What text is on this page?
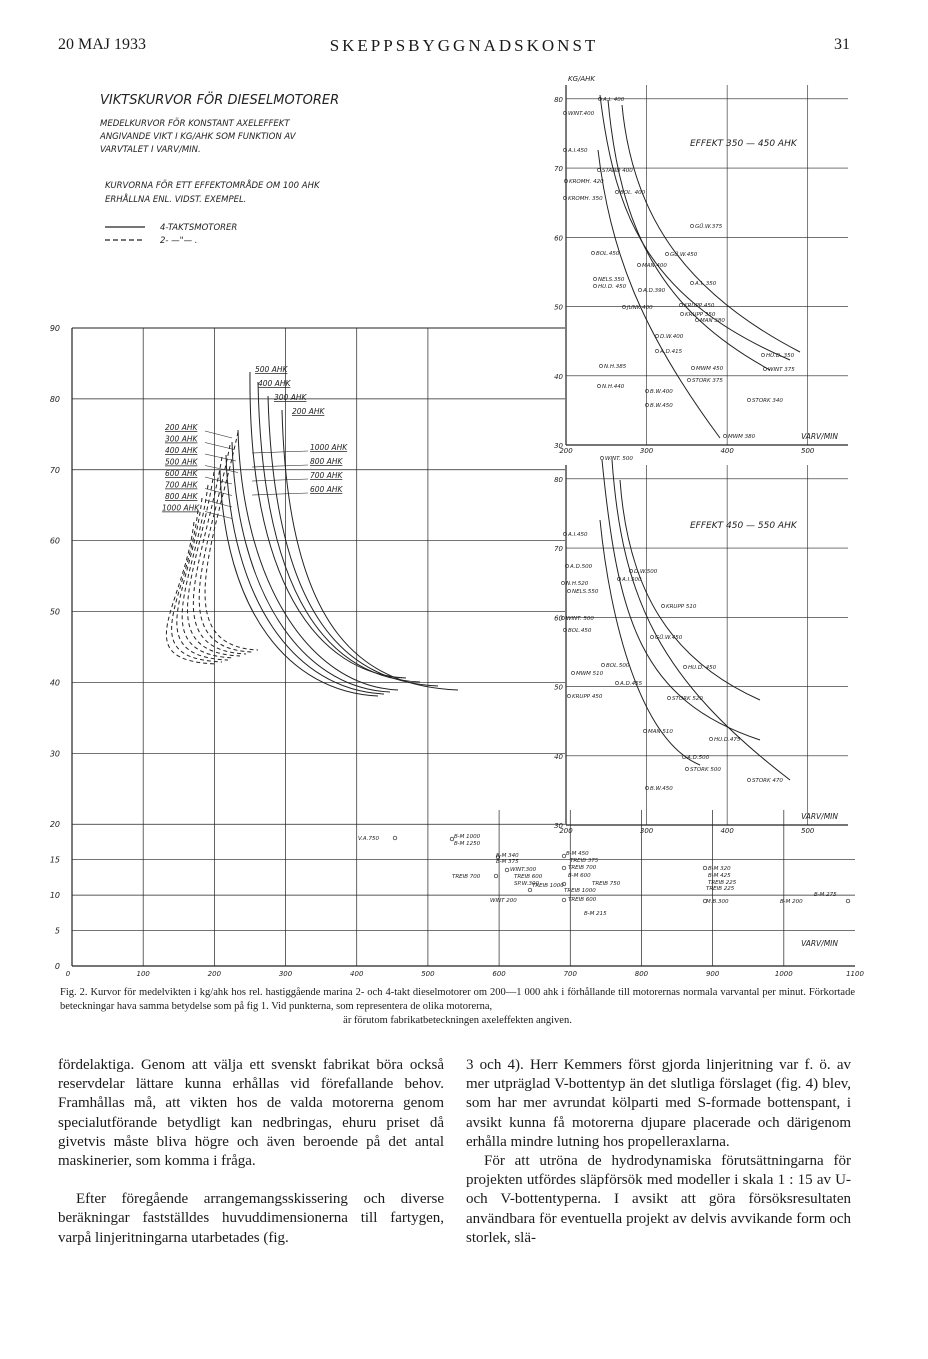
20 MAJ 1933	SKEPPSBYGGNADSKONST	31
VIKTSKURVOR FÖR DIESELMOTORER
MEDELKURVOR FÖR KONSTANT AXELEFFEKT
ANGIVANDE VIKT I KG/AHK SOM FUNKTION AV
VARVTALET I VARV/MIN.
KURVORNA FÖR ETT EFFEKTOMRÅDE OM 100 AHK
ERHÅLLNA ENL. VIDST. EXEMPEL.
4-TAKTSMOTORER
2- —"— .
90
80
70
60
50
40
30
20
15
10
5
0
0	100	200	300	400	500	600	700	800	900	1000	1100
VARV/MIN
200 AHK
300 AHK
400 AHK
500 AHK
600 AHK
700 AHK
800 AHK
1000 AHK
500 AHK
400 AHK
300 AHK
200 AHK
1000 AHK
800 AHK
700 AHK
600 AHK
V.A.750	B-M 1000
B-M 1250
B-M 340
B-M 375
WINT.300
TREIB 700	TREIB 600
SP.W.300
TREIB 1000
WINT 200
B-M 450
TREIB 375
TREIB 700
B-M 600
TREIB 750
TREIB 1000
TREIB 600
B-M 215
B-M 320
B-M 425
TREIB 225
TREIB 225
M.B.300	B-M 200
B-M 275
80
70
60
50
40
30
200	300	400	500
VARV/MIN
KG/AHK
EFFEKT 350 — 450 AHK
A.I. 400
WINT.400
A.I.450
STAND 400
KROMH. 420
BOL. 400
KROMH. 350
GÜ.W.375
BOL.450	GÜ.W.450
MAN 400
A.I. 350
NELS.350
HU.D. 450
A.D.390
JUNK.400	KRUPP 450
KRUPP 350
MAN 380
D.W.400
HU.D. 350
A.D.415
N.H.385	MWM 450	WINT 375
N.H.440
STORK 375
B.W.400
STORK 340
B.W.450
MWM 380
80
70
60
50
40
30
200	300	400	500
VARV/MIN
EFFEKT 450 — 550 AHK
WINT. 500
A.I.450
A.D.500
D.W.500
N.H.520
A.I.500
NELS.550
KRUPP 510
WINT. 500
BOL.450
GÜ.W.450
BOL.500	HU.D. 450
MWM 510
A.D.455
KRUPP 450	STORK 520
MAN 510
HU.D.475
A.D.500
STORK 500
STORK 470
B.W.450
Fig. 2. Kurvor för medelvikten i kg/ahk hos rel. hastiggående marina 2- och 4-takt dieselmotorer om 200—1 000 ahk i förhållande till motorernas normala varvantal per minut. Förkortade beteckningar hava samma betydelse som på fig 1. Vid punkterna, som representera de olika motorerna,
är förutom fabrikatbeteckningen axeleffekten angiven.

fördelaktiga. Genom att välja ett svenskt fabrikat böra också reservdelar lättare kunna erhållas vid förefallande behov. Framhållas må, att vikten hos de valda motorerna genom specialutförande betydligt kan nedbringas, ehuru priset då givetvis måste bliva högre och även beroende på det antal maskinerier, som komma i fråga.

Efter föregående arrangemangsskissering och diverse beräkningar fastställdes huvuddimensionerna till fartygen, varpå linjeritningarna utarbetades (fig.

3 och 4). Herr Kemmers först gjorda linjeritning var f. ö. av mer utpräglad V-bottentyp än det slutliga förslaget (fig. 4) blev, som har mer avrundat kölparti med S-formade bottenspant, i avsikt kunna få motorerna djupare placerade och därigenom erhålla mindre lutning hos propelleraxlarna.

För att utröna de hydrodynamiska förutsättningarna för projekten utfördes släpförsök med modeller i skala 1 : 15 av U- och V-bottentyperna. I avsikt att göra försöksresultaten användbara för eventuella projekt av delvis avvikande form och storlek, slä-
